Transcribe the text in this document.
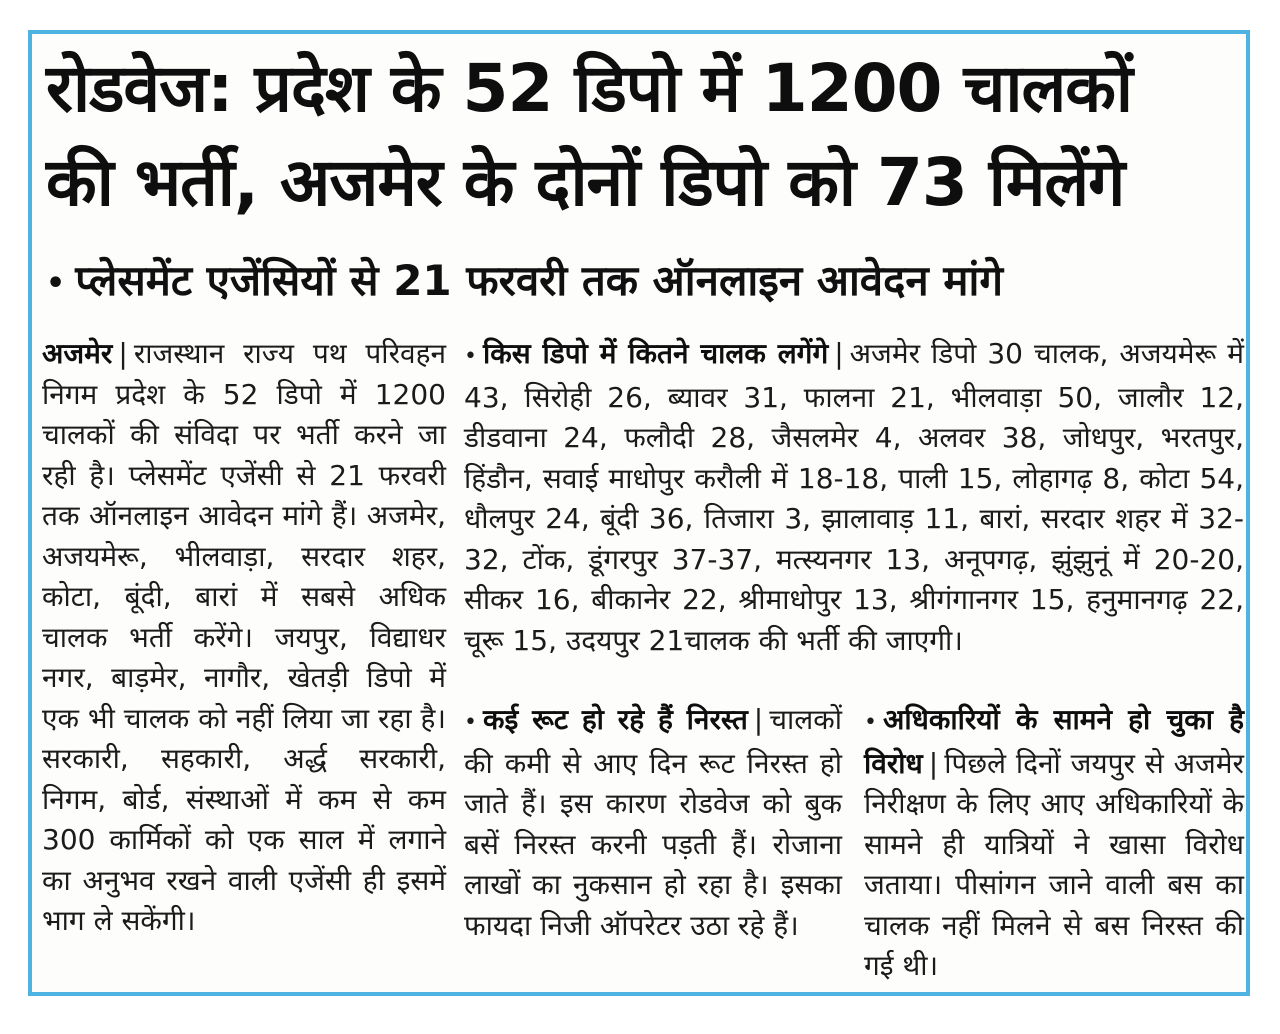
रोडवेज: प्रदेश के 52 डिपो में 1200 चालकों
की भर्ती, अजमेर के दोनों डिपो को 73 मिलेंगे
• प्लेसमेंट एजेंसियों से 21 फरवरी तक ऑनलाइन आवेदन मांगे

अजमेर | राजस्थान राज्य पथ परिवहन निगम प्रदेश के 52 डिपो में 1200 चालकों की संविदा पर भर्ती करने जा रही है। प्लेसमेंट एजेंसी से 21 फरवरी तक ऑनलाइन आवेदन मांगे हैं। अजमेर, अजयमेरू, भीलवाड़ा, सरदार शहर, कोटा, बूंदी, बारां में सबसे अधिक चालक भर्ती करेंगे। जयपुर, विद्याधर नगर, बाड़मेर, नागौर, खेतड़ी डिपो में एक भी चालक को नहीं लिया जा रहा है। सरकारी, सहकारी, अर्द्ध सरकारी, निगम, बोर्ड, संस्थाओं में कम से कम 300 कार्मिकों को एक साल में लगाने का अनुभव रखने वाली एजेंसी ही इसमें भाग ले सकेंगी।

• किस डिपो में कितने चालक लगेंगे | अजमेर डिपो 30 चालक, अजयमेरू में 43, सिरोही 26, ब्यावर 31, फालना 21, भीलवाड़ा 50, जालौर 12, डीडवाना 24, फलौदी 28, जैसलमेर 4, अलवर 38, जोधपुर, भरतपुर, हिंडौन, सवाई माधोपुर करौली में 18-18, पाली 15, लोहागढ़ 8, कोटा 54, धौलपुर 24, बूंदी 36, तिजारा 3, झालावाड़ 11, बारां, सरदार शहर में 32-32, टोंक, डूंगरपुर 37-37, मत्स्यनगर 13, अनूपगढ़, झुंझुनूं में 20-20, सीकर 16, बीकानेर 22, श्रीमाधोपुर 13, श्रीगंगानगर 15, हनुमानगढ़ 22, चूरू 15, उदयपुर 21चालक की भर्ती की जाएगी।

• कई रूट हो रहे हैं निरस्त | चालकों की कमी से आए दिन रूट निरस्त हो जाते हैं। इस कारण रोडवेज को बुक बसें निरस्त करनी पड़ती हैं। रोजाना लाखों का नुकसान हो रहा है। इसका फायदा निजी ऑपरेटर उठा रहे हैं।

• अधिकारियों के सामने हो चुका है विरोध | पिछले दिनों जयपुर से अजमेर निरीक्षण के लिए आए अधिकारियों के सामने ही यात्रियों ने खासा विरोध जताया। पीसांगन जाने वाली बस का चालक नहीं मिलने से बस निरस्त की गई थी।
